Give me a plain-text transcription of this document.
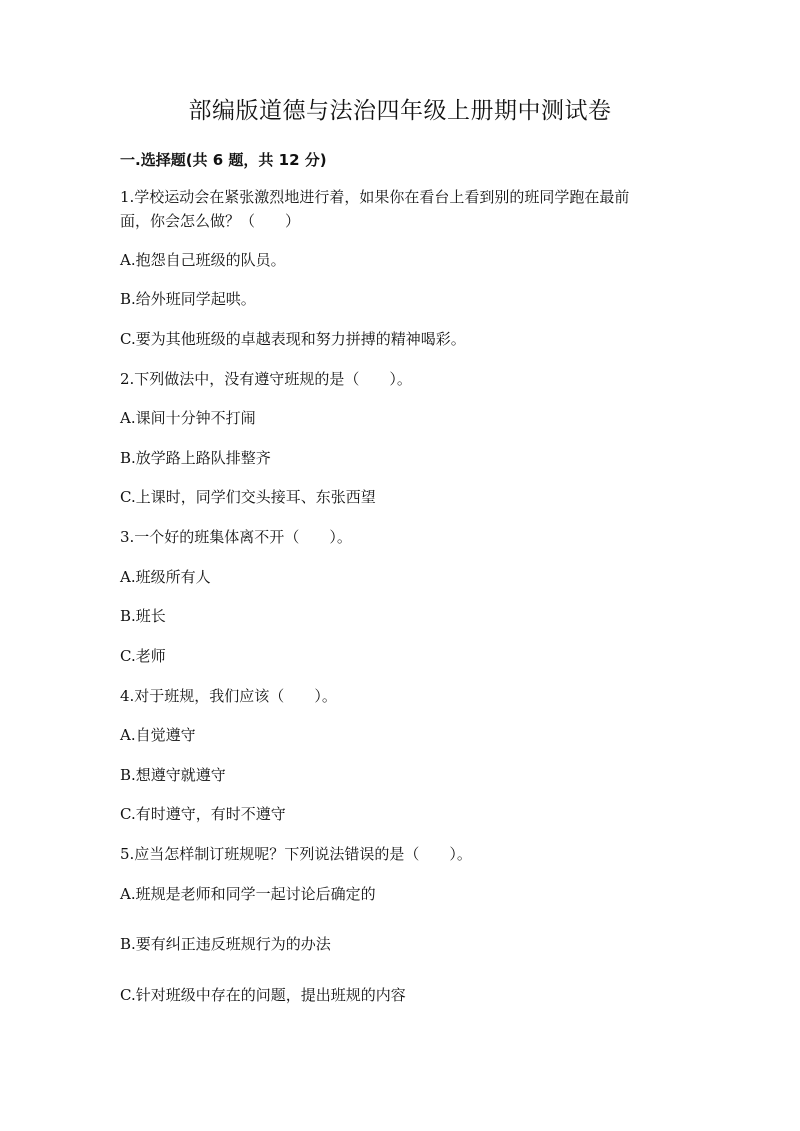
部编版道德与法治四年级上册期中测试卷
一.选择题(共 6 题，共 12 分)
1.学校运动会在紧张激烈地进行着，如果你在看台上看到别的班同学跑在最前
面，你会怎么做？（　　）
A.抱怨自己班级的队员。
B.给外班同学起哄。
C.要为其他班级的卓越表现和努力拼搏的精神喝彩。
2.下列做法中，没有遵守班规的是（　　）。
A.课间十分钟不打闹
B.放学路上路队排整齐
C.上课时，同学们交头接耳、东张西望
3.一个好的班集体离不开（　　）。
A.班级所有人
B.班长
C.老师
4.对于班规，我们应该（　　）。
A.自觉遵守
B.想遵守就遵守
C.有时遵守，有时不遵守
5.应当怎样制订班规呢？下列说法错误的是（　　）。
A.班规是老师和同学一起讨论后确定的
B.要有纠正违反班规行为的办法
C.针对班级中存在的问题，提出班规的内容
